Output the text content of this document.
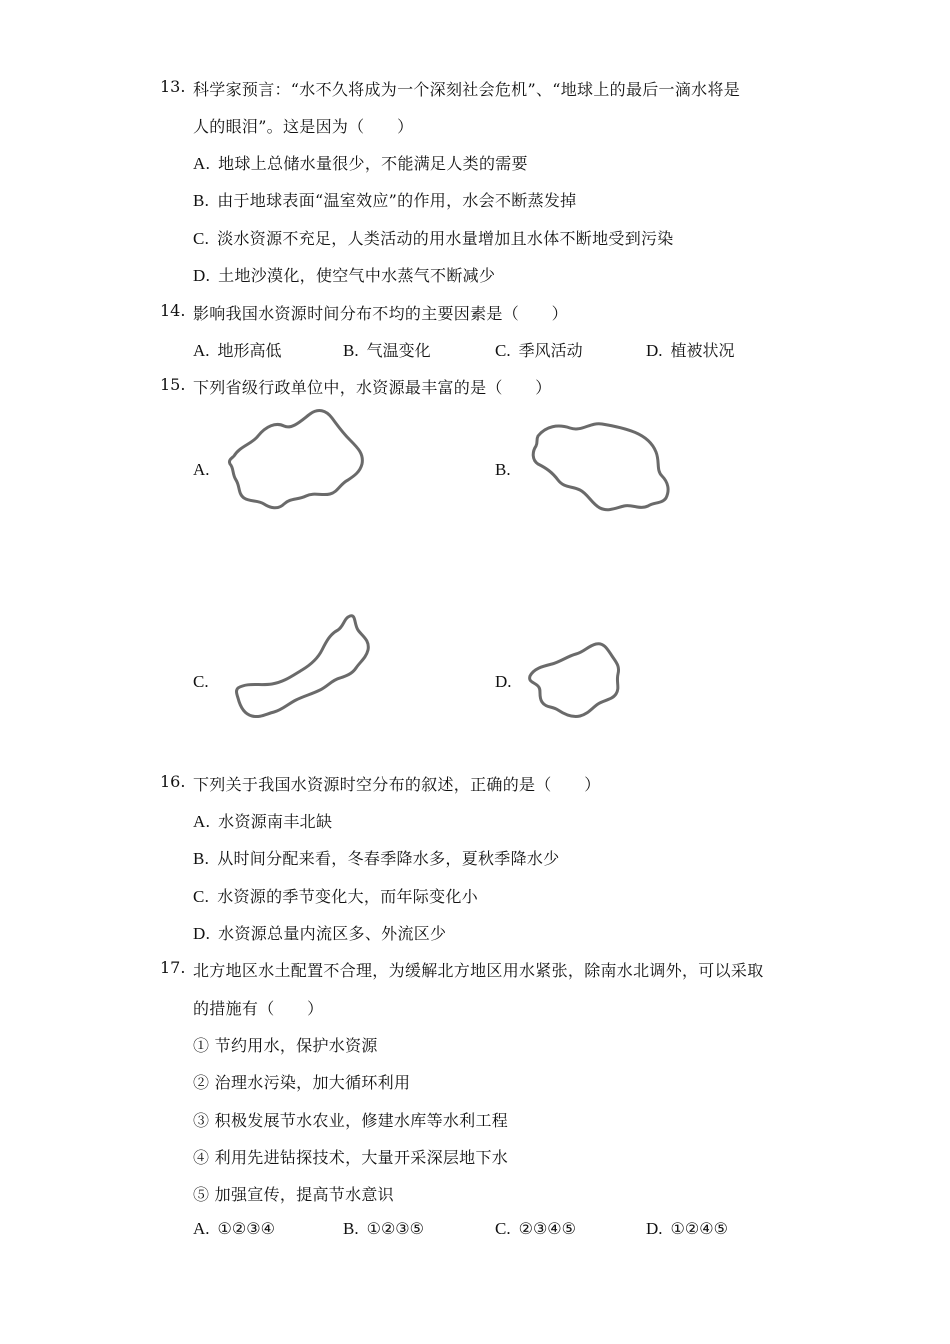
13. 科学家预言：“水不久将成为一个深刻社会危机”、“地球上的最后一滴水将是
人的眼泪”。这是因为（　　）
A. 地球上总储水量很少，不能满足人类的需要
B. 由于地球表面“温室效应”的作用，水会不断蒸发掉
C. 淡水资源不充足，人类活动的用水量增加且水体不断地受到污染
D. 土地沙漠化，使空气中水蒸气不断减少
14. 影响我国水资源时间分布不均的主要因素是（　　）
A. 地形高低	B. 气温变化	C. 季风活动	D. 植被状况
15. 下列省级行政单位中，水资源最丰富的是（　　）
A.	B.
C.	D.
16. 下列关于我国水资源时空分布的叙述，正确的是（　　）
A. 水资源南丰北缺
B. 从时间分配来看，冬春季降水多，夏秋季降水少
C. 水资源的季节变化大，而年际变化小
D. 水资源总量内流区多、外流区少
17. 北方地区水土配置不合理，为缓解北方地区用水紧张，除南水北调外，可以采取
的措施有（　　）
① 节约用水，保护水资源
② 治理水污染，加大循环利用
③ 积极发展节水农业，修建水库等水利工程
④ 利用先进钻探技术，大量开采深层地下水
⑤ 加强宣传，提高节水意识
A. ①②③④	B. ①②③⑤	C. ②③④⑤	D. ①②④⑤
